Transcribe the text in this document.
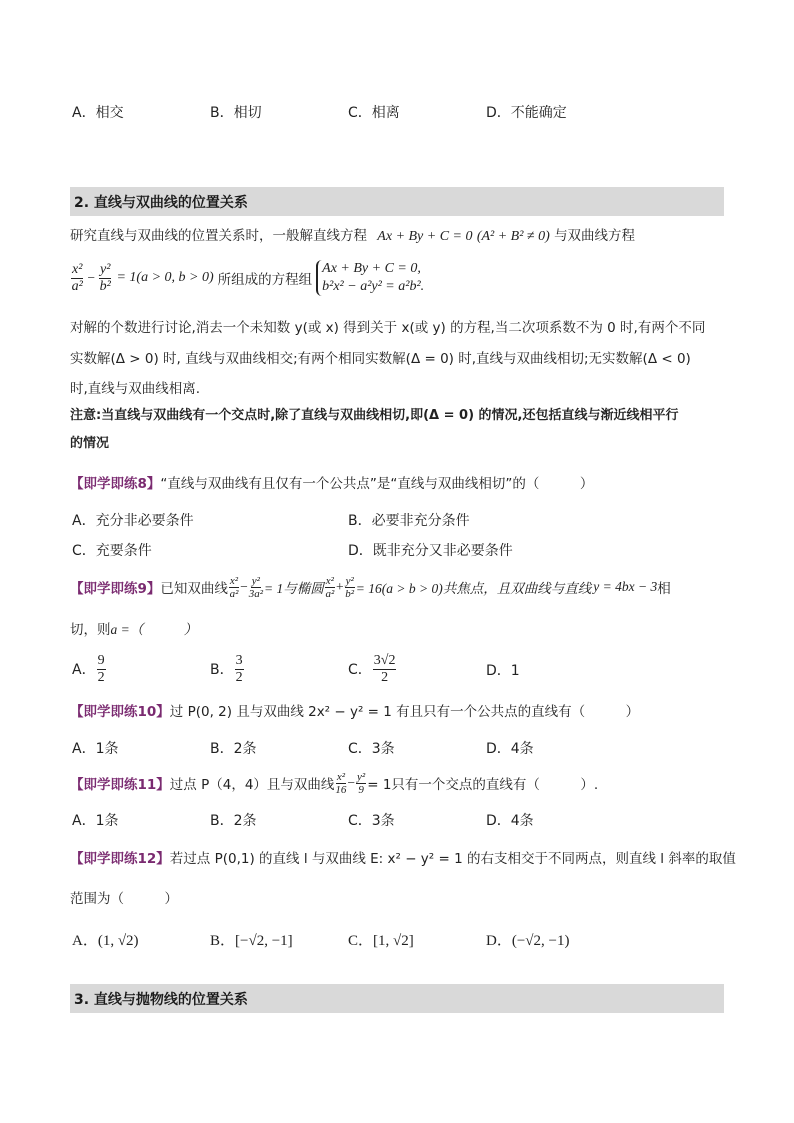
A．相交	B．相切	C．相离	D．不能确定
2. 直线与双曲线的位置关系
研究直线与双曲线的位置关系时，一般解直线方程 Ax + By + C = 0 (A² + B² ≠ 0) 与双曲线方程
$\frac{\text{x²}}{\text{a²}} - \frac{\text{y²}}{\text{b²}} = 1(a > 0$, b > 0) 所组成的方程组
Ax + By + C = 0,
b²x² − a²y² = a²b².
对解的个数进行讨论,消去一个未知数 y(或 x) 得到关于 x(或 y) 的方程,当二次项系数不为 0 时,有两个不同
实数解(Δ > 0) 时, 直线与双曲线相交;有两个相同实数解(Δ = 0) 时,直线与双曲线相切;无实数解(Δ < 0)
时,直线与双曲线相离.
注意:当直线与双曲线有一个交点时,除了直线与双曲线相切,即(Δ = 0) 的情况,还包括直线与渐近线相平行
的情况
【即学即练8】“直线与双曲线有且仅有一个公共点”是“直线与双曲线相切”的（　　　）
A．充分非必要条件	B．必要非充分条件
C．充要条件	D．既非充分又非必要条件
【即学即练9】 已知双曲线 $\frac{\text{x²}}{\text{a²}} - \frac{\text{y²}}{\text{3a²}} = 1$与椭圆 $\frac{\text{x²}}{\text{a²}} + \frac{\text{y²}}{\text{b²}} = 16(a > b > 0)$共焦点，且双曲线与直线 y = 4bx − 3 相
切，则a =（　　　）
A． $\frac{9}{2}$	B． $\frac{3}{2}$	C． $\frac{3√2}{2}$	D．1
【即学即练10】过 P(0, 2) 且与双曲线 2x² − y² = 1 有且只有一个公共点的直线有（　　　）
A．1条	B．2条	C．3条	D．4条
【即学即练11】 过点 P（4，4）且与双曲线 $\frac{\text{x²}}{16} - \frac{\text{y²}}{9} = 1$只有一个交点的直线有（　　　）.
A．1条	B．2条	C．3条	D．4条
【即学即练12】若过点 P(0,1) 的直线 l 与双曲线 E: x² − y² = 1 的右支相交于不同两点，则直线 l 斜率的取值
范围为（　　　）
A．(1, √2)	B．[−√2, −1]	C．[1, √2]	D．(−√2, −1)
3. 直线与抛物线的位置关系
